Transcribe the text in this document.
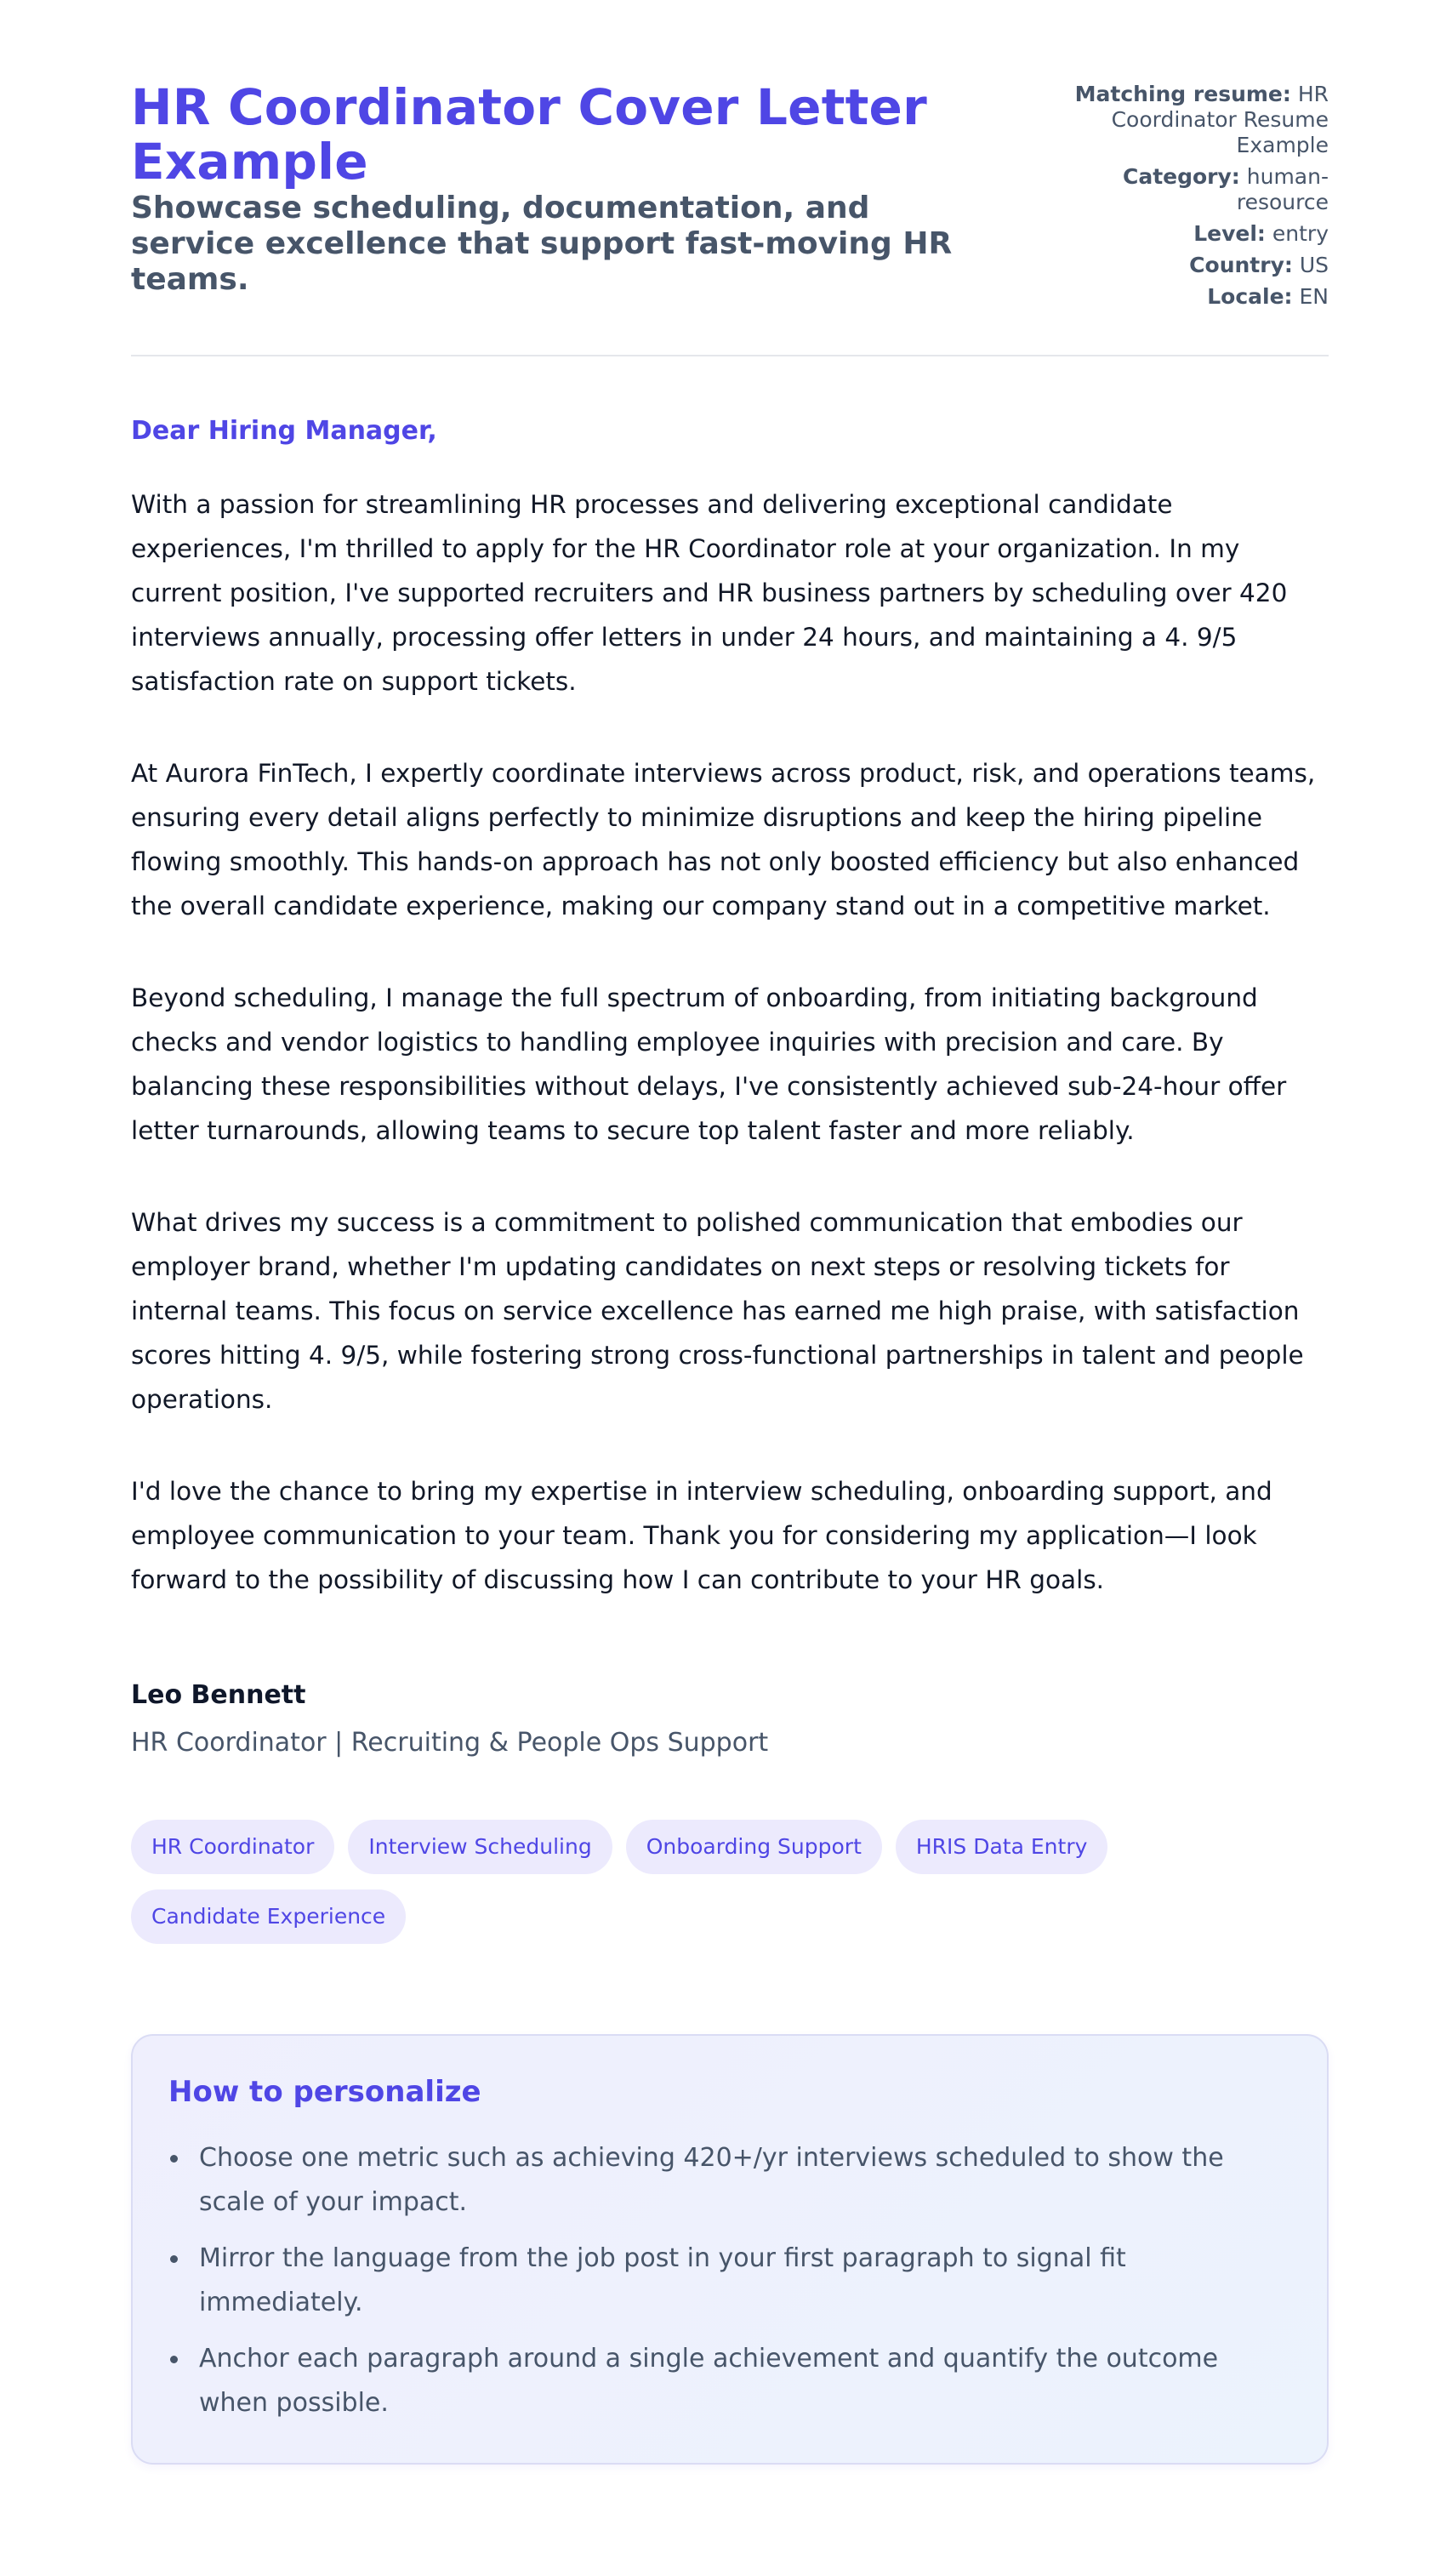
HR Coordinator Cover Letter Example
Showcase scheduling, documentation, and service excellence that support fast-moving HR teams.
Matching resume: HR Coordinator Resume Example
Category: human-resource
Level: entry
Country: US
Locale: EN

Dear Hiring Manager,

With a passion for streamlining HR processes and delivering exceptional candidate experiences, I'm thrilled to apply for the HR Coordinator role at your organization. In my current position, I've supported recruiters and HR business partners by scheduling over 420 interviews annually, processing offer letters in under 24 hours, and maintaining a 4. 9/5 satisfaction rate on support tickets.

At Aurora FinTech, I expertly coordinate interviews across product, risk, and operations teams, ensuring every detail aligns perfectly to minimize disruptions and keep the hiring pipeline flowing smoothly. This hands-on approach has not only boosted efficiency but also enhanced the overall candidate experience, making our company stand out in a competitive market.

Beyond scheduling, I manage the full spectrum of onboarding, from initiating background checks and vendor logistics to handling employee inquiries with precision and care. By balancing these responsibilities without delays, I've consistently achieved sub-24-hour offer letter turnarounds, allowing teams to secure top talent faster and more reliably.

What drives my success is a commitment to polished communication that embodies our employer brand, whether I'm updating candidates on next steps or resolving tickets for internal teams. This focus on service excellence has earned me high praise, with satisfaction scores hitting 4. 9/5, while fostering strong cross-functional partnerships in talent and people operations.

I'd love the chance to bring my expertise in interview scheduling, onboarding support, and employee communication to your team. Thank you for considering my application—I look forward to the possibility of discussing how I can contribute to your HR goals.

Leo Bennett
HR Coordinator | Recruiting & People Ops Support
HR Coordinator	Interview Scheduling	Onboarding Support	HRIS Data Entry
Candidate Experience
How to personalize
Choose one metric such as achieving 420+/yr interviews scheduled to show the scale of your impact.
Mirror the language from the job post in your first paragraph to signal fit immediately.
Anchor each paragraph around a single achievement and quantify the outcome when possible.
